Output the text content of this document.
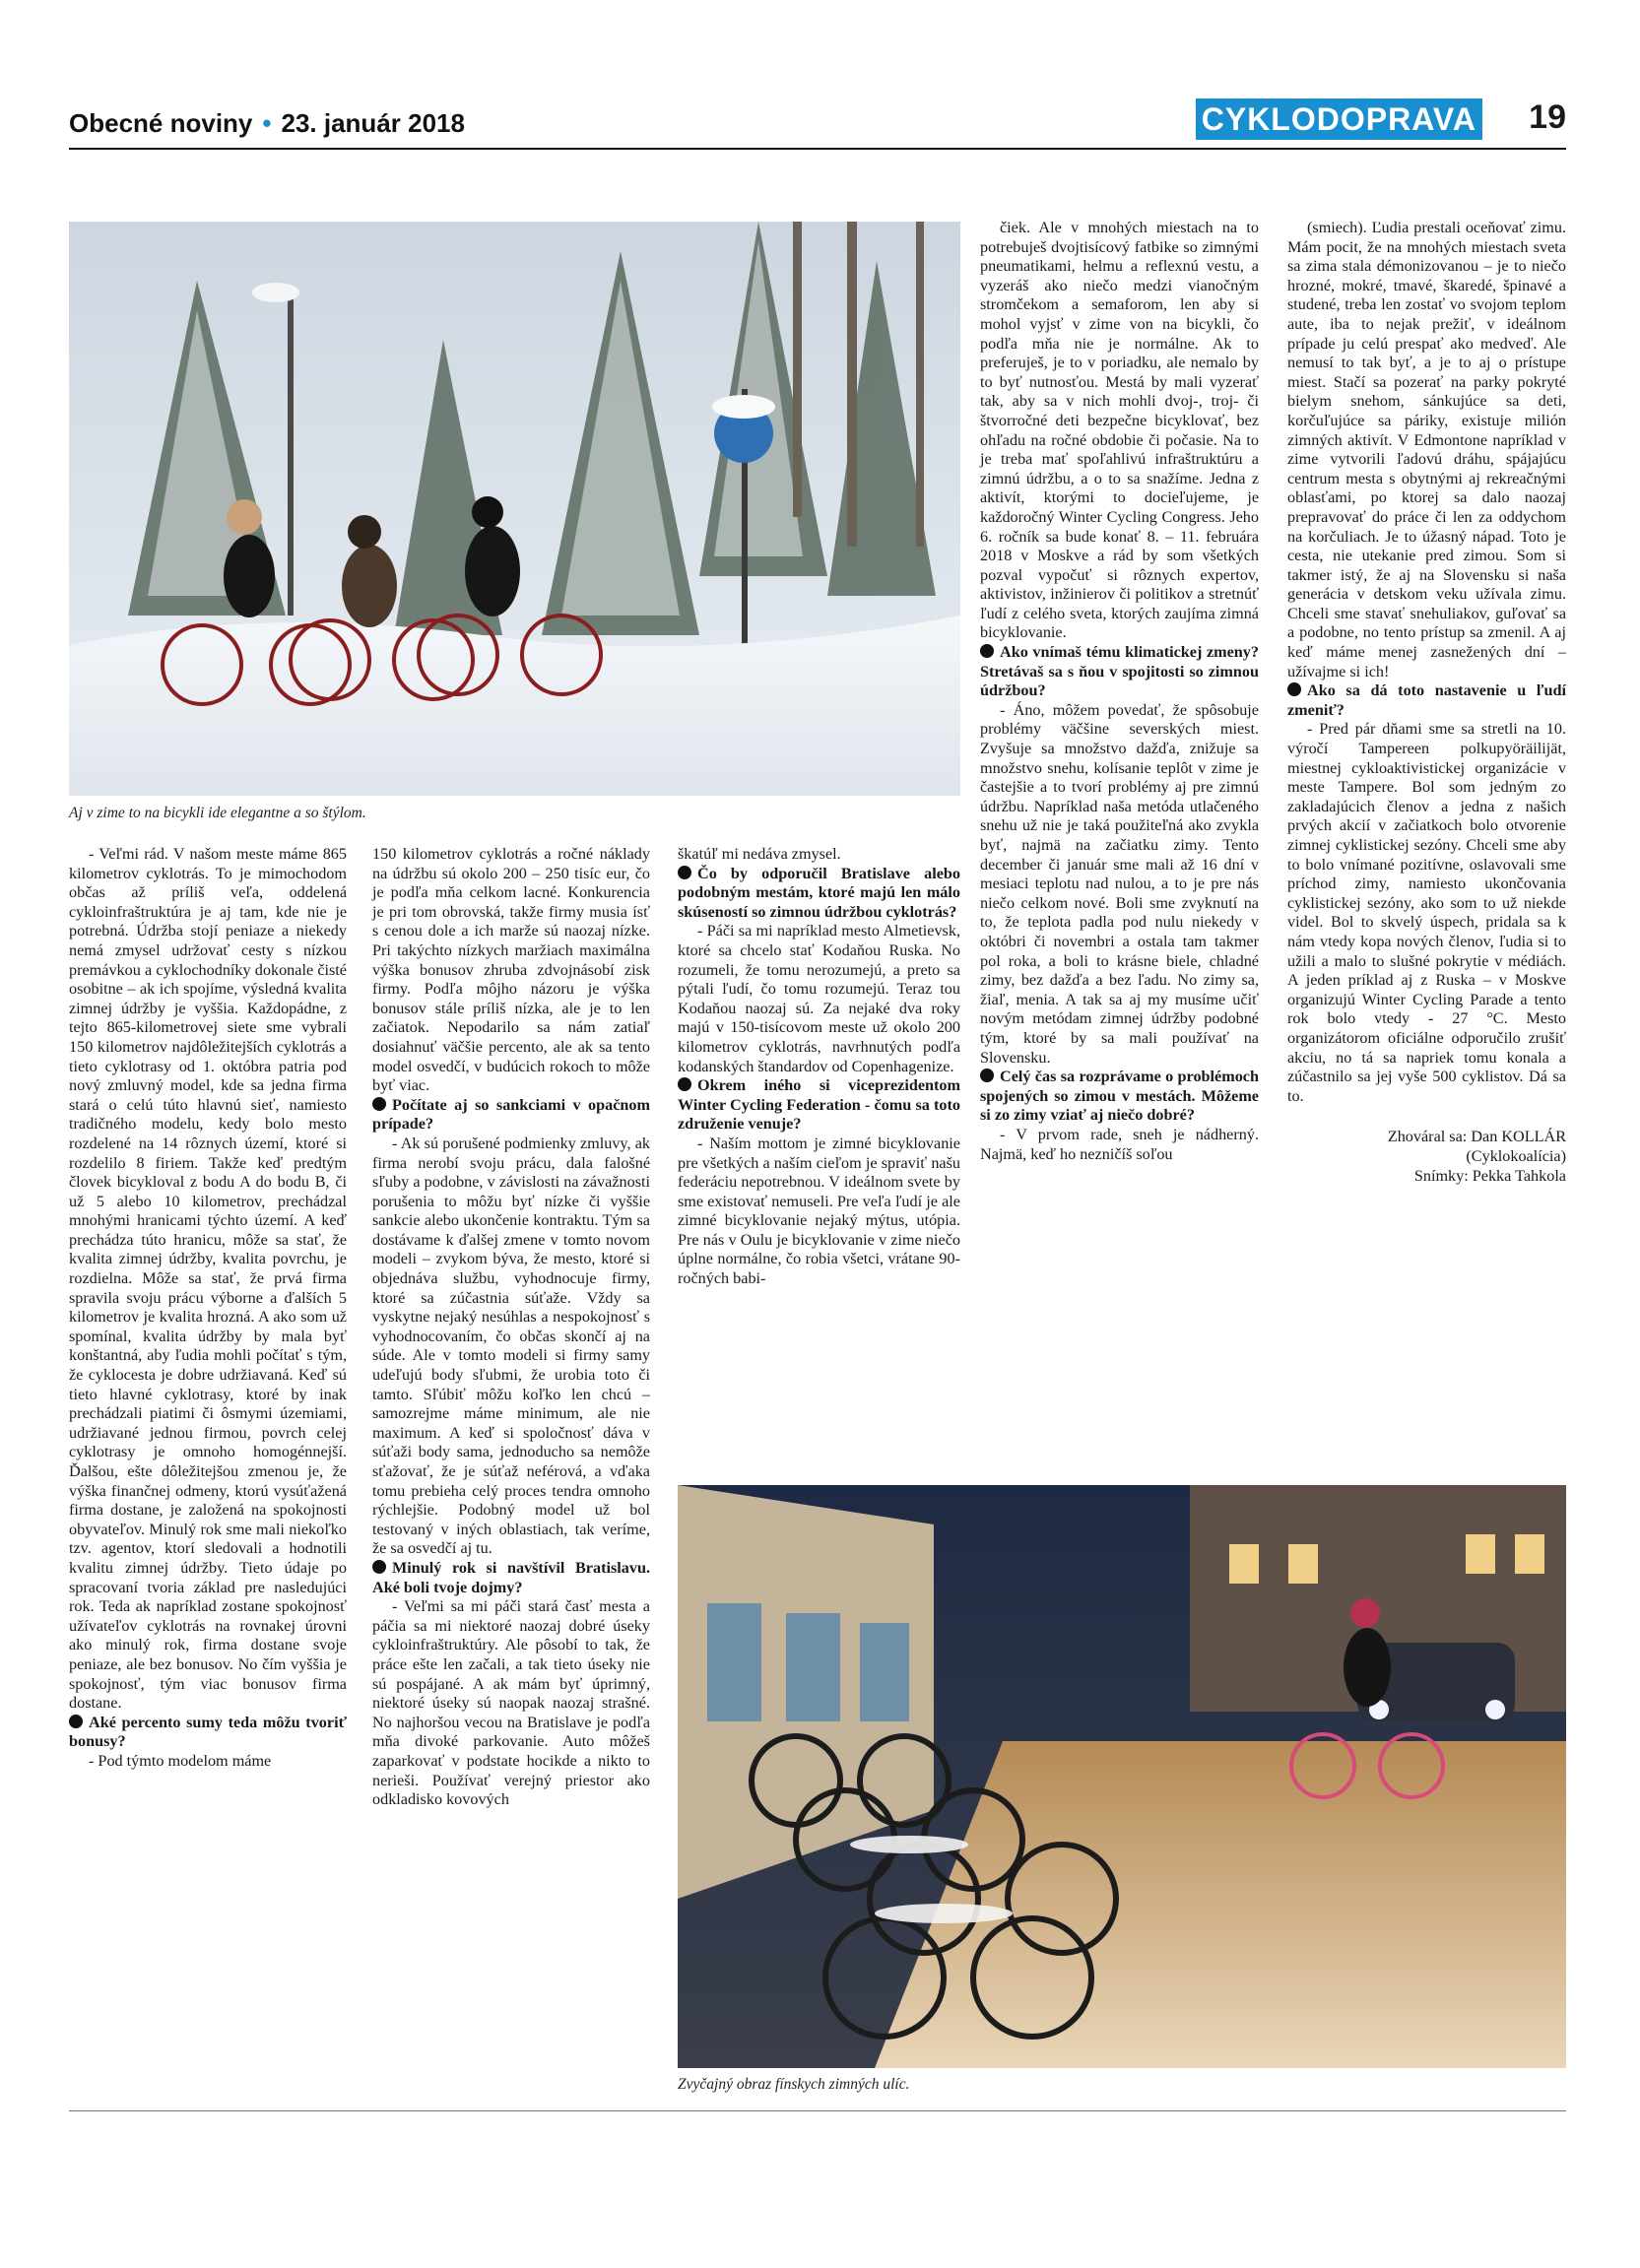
Obecné noviny • 23. január 2018	CYKLODOPRAVA 19
Aj v zime to na bicykli ide elegantne a so štýlom.

čiek. Ale v mnohých miestach na to potrebuješ dvojtisícový fatbike so zimnými pneumatikami, helmu a reflexnú vestu, a vyzeráš ako niečo medzi vianočným stromčekom a semaforom, len aby si mohol vyjsť v zime von na bicykli, čo podľa mňa nie je normálne. Ak to preferuješ, je to v poriadku, ale nemalo by to byť nutnosťou. Mestá by mali vyzerať tak, aby sa v nich mohli dvoj-, troj- či štvorročné deti bezpečne bicyklovať, bez ohľadu na ročné obdobie či počasie. Na to je treba mať spoľahlivú infraštruktúru a zimnú údržbu, a o to sa snažíme. Jedna z aktivít, ktorými to docieľujeme, je každoročný Winter Cycling Congress. Jeho 6. ročník sa bude konať 8. – 11. februára 2018 v Moskve a rád by som všetkých pozval vypočuť si rôznych expertov, aktivistov, inžinierov či politikov a stretnúť ľudí z celého sveta, ktorých zaujíma zimná bicyklovanie.

Ako vnímaš tému klimatickej zmeny? Stretávaš sa s ňou v spojitosti so zimnou údržbou?

- Áno, môžem povedať, že spôsobuje problémy väčšine severských miest. Zvyšuje sa množstvo dažďa, znižuje sa množstvo snehu, kolísanie teplôt v zime je častejšie a to tvorí problémy aj pre zimnú údržbu. Napríklad naša metóda utlačeného snehu už nie je taká použiteľná ako zvykla byť, najmä na začiatku zimy. Tento december či január sme mali až 16 dní v mesiaci teplotu nad nulou, a to je pre nás niečo celkom nové. Boli sme zvyknutí na to, že teplota padla pod nulu niekedy v októbri či novembri a ostala tam takmer pol roka, a boli to krásne biele, chladné zimy, bez dažďa a bez ľadu. No zimy sa, žiaľ, menia. A tak sa aj my musíme učiť novým metódam zimnej údržby podobné tým, ktoré by sa mali používať na Slovensku.

Celý čas sa rozprávame o problémoch spojených so zimou v mestách. Môžeme si zo zimy vziať aj niečo dobré?

- V prvom rade, sneh je nádherný. Najmä, keď ho nezničíš soľou

(smiech). Ľudia prestali oceňovať zimu. Mám pocit, že na mnohých miestach sveta sa zima stala démonizovanou – je to niečo hrozné, mokré, tmavé, škaredé, špinavé a studené, treba len zostať vo svojom teplom aute, iba to nejak prežiť, v ideálnom prípade ju celú prespať ako medveď. Ale nemusí to tak byť, a je to aj o prístupe miest. Stačí sa pozerať na parky pokryté bielym snehom, sánkujúce sa deti, korčuľujúce sa páriky, existuje milión zimných aktivít. V Edmontone napríklad v zime vytvorili ľadovú dráhu, spájajúcu centrum mesta s obytnými aj rekreačnými oblasťami, po ktorej sa dalo naozaj prepravovať do práce či len za oddychom na korčuliach. Je to úžasný nápad. Toto je cesta, nie utekanie pred zimou. Som si takmer istý, že aj na Slovensku si naša generácia v detskom veku užívala zimu. Chceli sme stavať snehuliakov, guľovať sa a podobne, no tento prístup sa zmenil. A aj keď máme menej zasnežených dní – užívajme si ich!

Ako sa dá toto nastavenie u ľudí zmeniť?

- Pred pár dňami sme sa stretli na 10. výročí Tampereen polkupyöräilijät, miestnej cykloaktivistickej organizácie v meste Tampere. Bol som jedným zo zakladajúcich členov a jedna z našich prvých akcií v začiatkoch bolo otvorenie zimnej cyklistickej sezóny. Chceli sme aby to bolo vnímané pozitívne, oslavovali sme príchod zimy, namiesto ukončovania cyklistickej sezóny, ako som to už niekde videl. Bol to skvelý úspech, pridala sa k nám vtedy kopa nových členov, ľudia si to užili a malo to slušné pokrytie v médiách. A jeden príklad aj z Ruska – v Moskve organizujú Winter Cycling Parade a tento rok bolo vtedy - 27 °C. Mesto organizátorom oficiálne odporučilo zrušiť akciu, no tá sa napriek tomu konala a zúčastnilo sa jej vyše 500 cyklistov. Dá sa to.

Zhováral sa: Dan KOLLÁR
(Cyklokoalícia)
Snímky: Pekka Tahkola

- Veľmi rád. V našom meste máme 865 kilometrov cyklotrás. To je mimochodom občas až príliš veľa, oddelená cykloinfraštruktúra je aj tam, kde nie je potrebná. Údržba stojí peniaze a niekedy nemá zmysel udržovať cesty s nízkou premávkou a cyklochodníky dokonale čisté osobitne – ak ich spojíme, výsledná kvalita zimnej údržby je vyššia. Každopádne, z tejto 865-kilometrovej siete sme vybrali 150 kilometrov najdôležitejších cyklotrás a tieto cyklotrasy od 1. októbra patria pod nový zmluvný model, kde sa jedna firma stará o celú túto hlavnú sieť, namiesto tradičného modelu, kedy bolo mesto rozdelené na 14 rôznych území, ktoré si rozdelilo 8 firiem. Takže keď predtým človek bicykloval z bodu A do bodu B, či už 5 alebo 10 kilometrov, prechádzal mnohými hranicami týchto území. A keď prechádza túto hranicu, môže sa stať, že kvalita zimnej údržby, kvalita povrchu, je rozdielna. Môže sa stať, že prvá firma spravila svoju prácu výborne a ďalších 5 kilometrov je kvalita hrozná. A ako som už spomínal, kvalita údržby by mala byť konštantná, aby ľudia mohli počítať s tým, že cyklocesta je dobre udržiavaná. Keď sú tieto hlavné cyklotrasy, ktoré by inak prechádzali piatimi či ôsmymi územiami, udržiavané jednou firmou, povrch celej cyklotrasy je omnoho homogénnejší. Ďalšou, ešte dôležitejšou zmenou je, že výška finančnej odmeny, ktorú vysúťažená firma dostane, je založená na spokojnosti obyvateľov. Minulý rok sme mali niekoľko tzv. agentov, ktorí sledovali a hodnotili kvalitu zimnej údržby. Tieto údaje po spracovaní tvoria základ pre nasledujúci rok. Teda ak napríklad zostane spokojnosť užívateľov cyklotrás na rovnakej úrovni ako minulý rok, firma dostane svoje peniaze, ale bez bonusov. No čím vyššia je spokojnosť, tým viac bonusov firma dostane.

Aké percento sumy teda môžu tvoriť bonusy?

- Pod týmto modelom máme

150 kilometrov cyklotrás a ročné náklady na údržbu sú okolo 200 – 250 tisíc eur, čo je podľa mňa celkom lacné. Konkurencia je pri tom obrovská, takže firmy musia ísť s cenou dole a ich marže sú naozaj nízke. Pri takýchto nízkych maržiach maximálna výška bonusov zhruba zdvojnásobí zisk firmy. Podľa môjho názoru je výška bonusov stále príliš nízka, ale je to len začiatok. Nepodarilo sa nám zatiaľ dosiahnuť väčšie percento, ale ak sa tento model osvedčí, v budúcich rokoch to môže byť viac.

Počítate aj so sankciami v opačnom prípade?

- Ak sú porušené podmienky zmluvy, ak firma nerobí svoju prácu, dala falošné sľuby a podobne, v závislosti na závažnosti porušenia to môžu byť nízke či vyššie sankcie alebo ukončenie kontraktu. Tým sa dostávame k ďalšej zmene v tomto novom modeli – zvykom býva, že mesto, ktoré si objednáva službu, vyhodnocuje firmy, ktoré sa zúčastnia súťaže. Vždy sa vyskytne nejaký nesúhlas a nespokojnosť s vyhodnocovaním, čo občas skončí aj na súde. Ale v tomto modeli si firmy samy udeľujú body sľubmi, že urobia toto či tamto. Sľúbiť môžu koľko len chcú – samozrejme máme minimum, ale nie maximum. A keď si spoločnosť dáva v súťaži body sama, jednoducho sa nemôže sťažovať, že je súťaž neférová, a vďaka tomu prebieha celý proces tendra omnoho rýchlejšie. Podobný model už bol testovaný v iných oblastiach, tak veríme, že sa osvedčí aj tu.

Minulý rok si navštívil Bratislavu. Aké boli tvoje dojmy?

- Veľmi sa mi páči stará časť mesta a páčia sa mi niektoré naozaj dobré úseky cykloinfraštruktúry. Ale pôsobí to tak, že práce ešte len začali, a tak tieto úseky nie sú pospájané. A ak mám byť úprimný, niektoré úseky sú naopak naozaj strašné. No najhoršou vecou na Bratislave je podľa mňa divoké parkovanie. Auto môžeš zaparkovať v podstate hocikde a nikto to nerieši. Používať verejný priestor ako odkladisko kovových

škatúľ mi nedáva zmysel.

Čo by odporučil Bratislave alebo podobným mestám, ktoré majú len málo skúseností so zimnou údržbou cyklotrás?

- Páči sa mi napríklad mesto Almetievsk, ktoré sa chcelo stať Kodaňou Ruska. No rozumeli, že tomu nerozumejú, a preto sa pýtali ľudí, čo tomu rozumejú. Teraz tou Kodaňou naozaj sú. Za nejaké dva roky majú v 150-tisícovom meste už okolo 200 kilometrov cyklotrás, navrhnutých podľa kodanských štandardov od Copenhagenize.

Okrem iného si viceprezidentom Winter Cycling Federation - čomu sa toto združenie venuje?

- Naším mottom je zimné bicyklovanie pre všetkých a naším cieľom je spraviť našu federáciu nepotrebnou. V ideálnom svete by sme existovať nemuseli. Pre veľa ľudí je ale zimné bicyklovanie nejaký mýtus, utópia. Pre nás v Oulu je bicyklovanie v zime niečo úplne normálne, čo robia všetci, vrátane 90-ročných babi-

Zvyčajný obraz fínskych zimných ulíc.
